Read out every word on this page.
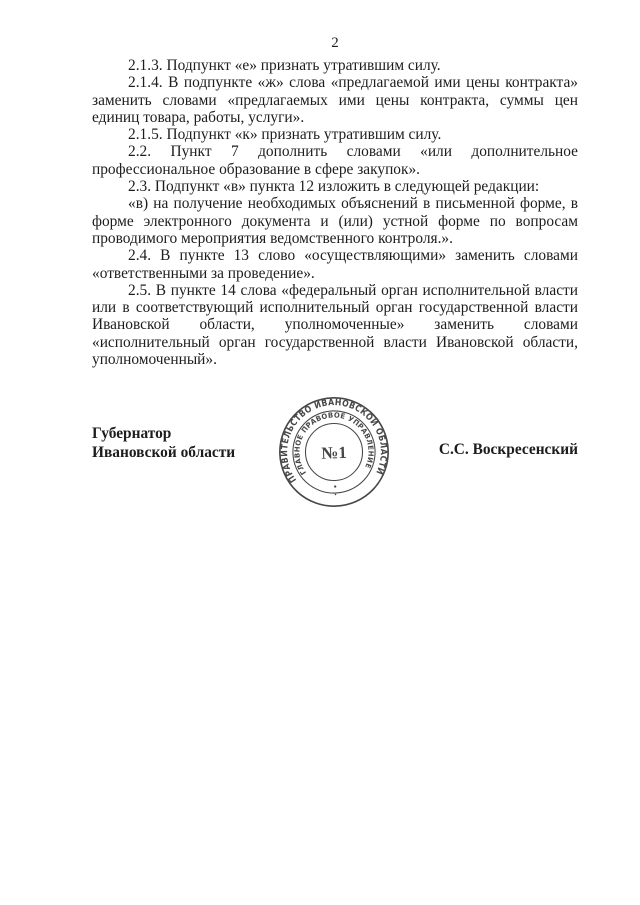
2

2.1.3. Подпункт «е» признать утратившим силу.

2.1.4. В подпункте «ж» слова «предлагаемой ими цены контракта» заменить словами «предлагаемых ими цены контракта, суммы цен единиц товара, работы, услуги».

2.1.5. Подпункт «к» признать утратившим силу.

2.2. Пункт 7 дополнить словами «или дополнительное профессиональное образование в сфере закупок».

2.3. Подпункт «в» пункта 12 изложить в следующей редакции:

«в) на получение необходимых объяснений в письменной форме, в форме электронного документа и (или) устной форме по вопросам проводимого мероприятия ведомственного контроля.».

2.4. В пункте 13 слово «осуществляющими» заменить словами «ответственными за проведение».

2.5. В пункте 14 слова «федеральный орган исполнительной власти или в соответствующий исполнительный орган государственной власти Ивановской области, уполномоченные» заменить словами «исполнительный орган государственной власти Ивановской области, уполномоченный».

Губернатор
Ивановской области
ПРАВИТЕЛЬСТВО ИВАНОВСКОЙ ОБЛАСТИ
ГЛАВНОЕ ПРАВОВОЕ УПРАВЛЕНИЕ
№1	С.С. Воскресенский
